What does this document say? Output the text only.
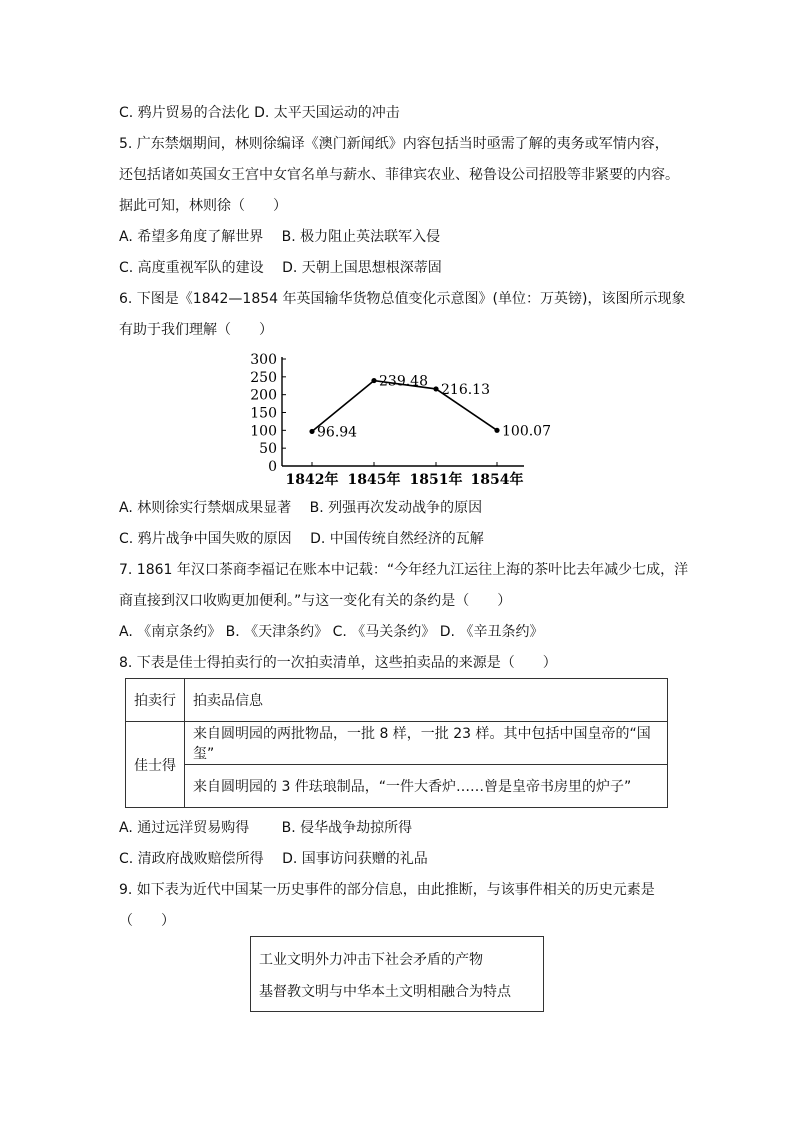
C. 鸦片贸易的合法化 D. 太平天国运动的冲击
5. 广东禁烟期间，林则徐编译《澳门新闻纸》内容包括当时亟需了解的夷务或军情内容，
还包括诸如英国女王宫中女官名单与薪水、菲律宾农业、秘鲁设公司招股等非紧要的内容。
据此可知，林则徐（　　）
A. 希望多角度了解世界　 B. 极力阻止英法联军入侵
C. 高度重视军队的建设　 D. 天朝上国思想根深蒂固
6. 下图是《1842—1854 年英国输华货物总值变化示意图》(单位：万英镑)，该图所示现象
有助于我们理解（　　）
0
50
100
150
200
250
300
1842年 1845年 1851年 1854年
96.94
239.48
216.13
100.07
A. 林则徐实行禁烟成果显著　 B. 列强再次发动战争的原因
C. 鸦片战争中国失败的原因　 D. 中国传统自然经济的瓦解
7. 1861 年汉口茶商李福记在账本中记载：“今年经九江运往上海的茶叶比去年减少七成，洋
商直接到汉口收购更加便利。”与这一变化有关的条约是（　　）
A. 《南京条约》 B. 《天津条约》 C. 《马关条约》 D. 《辛丑条约》
8. 下表是佳士得拍卖行的一次拍卖清单，这些拍卖品的来源是（　　）
拍卖行	拍卖品信息
佳士得	来自圆明园的两批物品，一批 8 样，一批 23 样。其中包括中国皇帝的“国玺”
	来自圆明园的 3 件珐琅制品，“一件大香炉……曾是皇帝书房里的炉子”
A. 通过远洋贸易购得　　 B. 侵华战争劫掠所得
C. 清政府战败赔偿所得　 D. 国事访问获赠的礼品
9. 如下表为近代中国某一历史事件的部分信息，由此推断，与该事件相关的历史元素是
（　　）
工业文明外力冲击下社会矛盾的产物
基督教文明与中华本土文明相融合为特点
